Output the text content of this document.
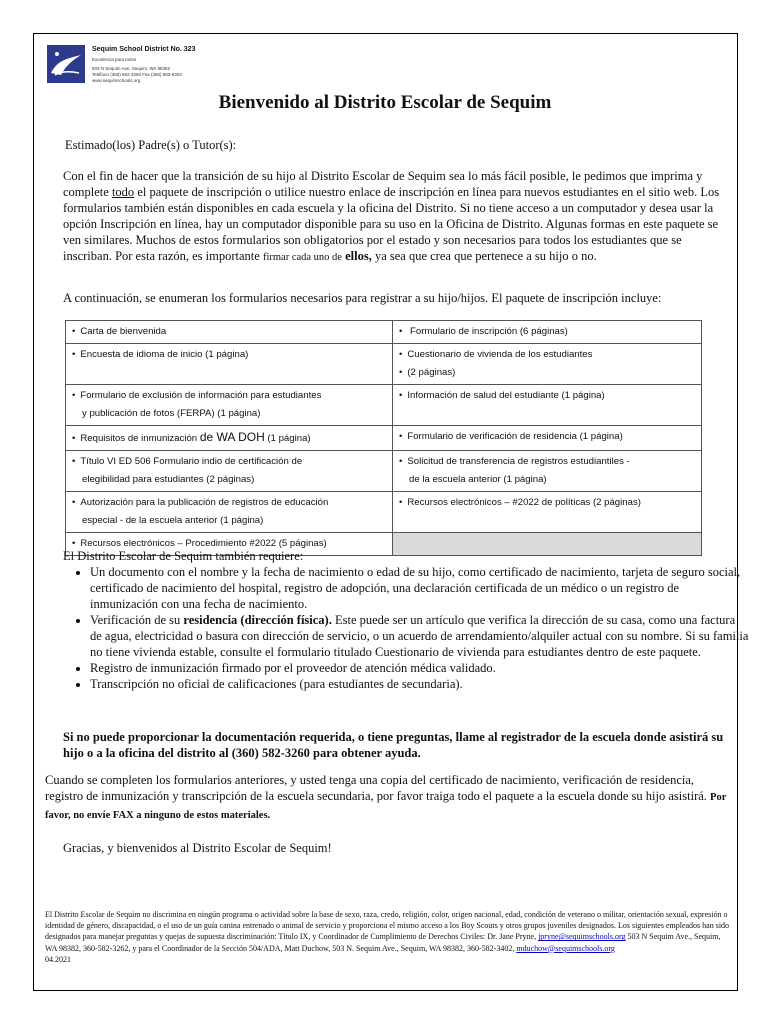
Sequim School District No. 323
Excelencia para todos
503 N Sequim Ave, Sequim, WA 98382
Teléfono (360) 582-3260 Fax (360) 683-6303
www.sequimschools.org
Bienvenido al Distrito Escolar de Sequim
Estimado(los) Padre(s) o Tutor(s):
Con el fin de hacer que la transición de su hijo al Distrito Escolar de Sequim sea lo más fácil posible, le pedimos que imprima y complete todo el paquete de inscripción o utilice nuestro enlace de inscripción en línea para nuevos estudiantes en el sitio web. Los formularios también están disponibles en cada escuela y la oficina del Distrito. Si no tiene acceso a un computador y desea usar la opción Inscripción en línea, hay un computador disponible para su uso en la Oficina de Distrito. Algunas formas en este paquete se ven similares. Muchos de estos formularios son obligatorios por el estado y son necesarios para todos los estudiantes que se inscriban. Por esta razón, es importante firmar cada uno de ellos, ya sea que crea que pertenece a su hijo o no.
A continuación, se enumeran los formularios necesarios para registrar a su hijo/hijos. El paquete de inscripción incluye:
• Carta de bienvenida	• Formulario de inscripción (6 páginas)
• Encuesta de idioma de inicio (1 página)	• Cuestionario de vivienda de los estudiantes
• (2 páginas)
• Formulario de exclusión de información para estudiantes
y publicación de fotos (FERPA) (1 página)	• Información de salud del estudiante (1 página)
• Requisitos de inmunización de WA DOH (1 página)	• Formulario de verificación de residencia (1 página)
• Título VI ED 506 Formulario indio de certificación de
elegibilidad para estudiantes (2 páginas)	• Solicitud de transferencia de registros estudiantiles -
de la escuela anterior (1 página)
• Autorización para la publicación de registros de educación
especial - de la escuela anterior (1 página)	• Recursos electrónicos – #2022 de políticas (2 páginas)
• Recursos electrónicos – Procedimiento #2022 (5 páginas)	
El Distrito Escolar de Sequim también requiere:
• Un documento con el nombre y la fecha de nacimiento o edad de su hijo, como certificado de nacimiento, tarjeta de seguro social, certificado de nacimiento del hospital, registro de adopción, una declaración certificada de un médico o un registro de inmunización con una fecha de nacimiento.
• Verificación de su residencia (dirección física). Este puede ser un artículo que verifica la dirección de su casa, como una factura de agua, electricidad o basura con dirección de servicio, o un acuerdo de arrendamiento/alquiler actual con su nombre. Si su familia no tiene vivienda estable, consulte el formulario titulado Cuestionario de vivienda para estudiantes dentro de este paquete.
• Registro de inmunización firmado por el proveedor de atención médica validado.
• Transcripción no oficial de calificaciones (para estudiantes de secundaria).
Si no puede proporcionar la documentación requerida, o tiene preguntas, llame al registrador de la escuela donde asistirá su hijo o a la oficina del distrito al (360) 582-3260 para obtener ayuda.
Cuando se completen los formularios anteriores, y usted tenga una copia del certificado de nacimiento, verificación de residencia, registro de inmunización y transcripción de la escuela secundaria, por favor traiga todo el paquete a la escuela donde su hijo asistirá. Por favor, no envíe FAX a ninguno de estos materiales.
Gracias, y bienvenidos al Distrito Escolar de Sequim!
El Distrito Escolar de Sequim no discrimina en ningún programa o actividad sobre la base de sexo, raza, credo, religión, color, origen nacional, edad, condición de veterano o militar, orientación sexual, expresión o identidad de género, discapacidad, o el uso de un guía canina entrenado o animal de servicio y proporciona el mismo acceso a los Boy Scouts y otros grupos juveniles designados. Los siguientes empleados han sido designados para manejar preguntas y quejas de supuesta discriminación: Título IX, y Coordinador de Cumplimiento de Derechos Civiles: Dr. Jane Pryne, jpryne@sequimschools.org 503 N Sequim Ave., Sequim, WA 98382, 360-582-3262, y para el Coordinador de la Sección 504/ADA, Matt Duchow, 503 N. Sequim Ave., Sequim, WA 98382, 360-582-3402, mduchow@sequimschools.org
04.2021
